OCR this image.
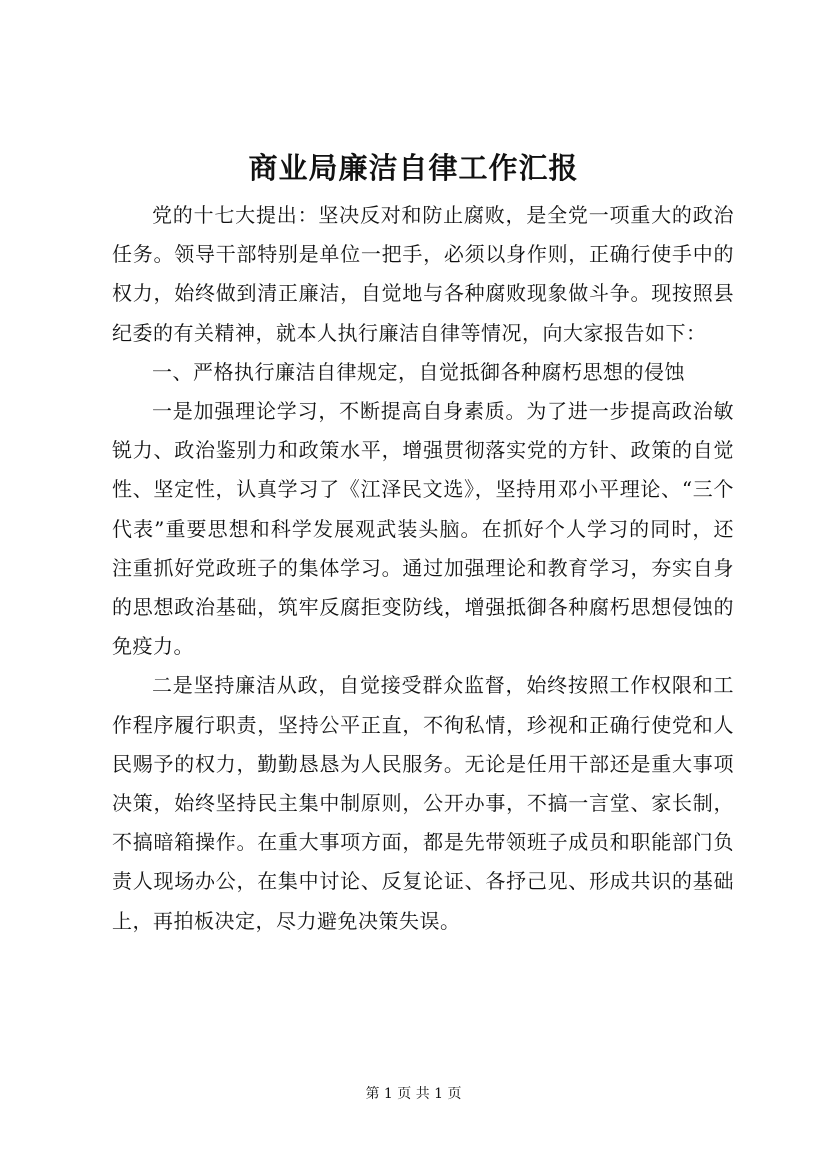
商业局廉洁自律工作汇报

党的十七大提出：坚决反对和防止腐败，是全党一项重大的政治任务。领导干部特别是单位一把手，必须以身作则，正确行使手中的权力，始终做到清正廉洁，自觉地与各种腐败现象做斗争。现按照县纪委的有关精神，就本人执行廉洁自律等情况，向大家报告如下：

一、严格执行廉洁自律规定，自觉抵御各种腐朽思想的侵蚀

一是加强理论学习，不断提高自身素质。为了进一步提高政治敏锐力、政治鉴别力和政策水平，增强贯彻落实党的方针、政策的自觉性、坚定性，认真学习了《江泽民文选》，坚持用邓小平理论、“三个代表”重要思想和科学发展观武装头脑。在抓好个人学习的同时，还注重抓好党政班子的集体学习。通过加强理论和教育学习，夯实自身的思想政治基础，筑牢反腐拒变防线，增强抵御各种腐朽思想侵蚀的免疫力。

二是坚持廉洁从政，自觉接受群众监督，始终按照工作权限和工作程序履行职责，坚持公平正直，不徇私情，珍视和正确行使党和人民赐予的权力，勤勤恳恳为人民服务。无论是任用干部还是重大事项决策，始终坚持民主集中制原则，公开办事，不搞一言堂、家长制，不搞暗箱操作。在重大事项方面，都是先带领班子成员和职能部门负责人现场办公，在集中讨论、反复论证、各抒己见、形成共识的基础上，再拍板决定，尽力避免决策失误。

第 1 页 共 1 页
